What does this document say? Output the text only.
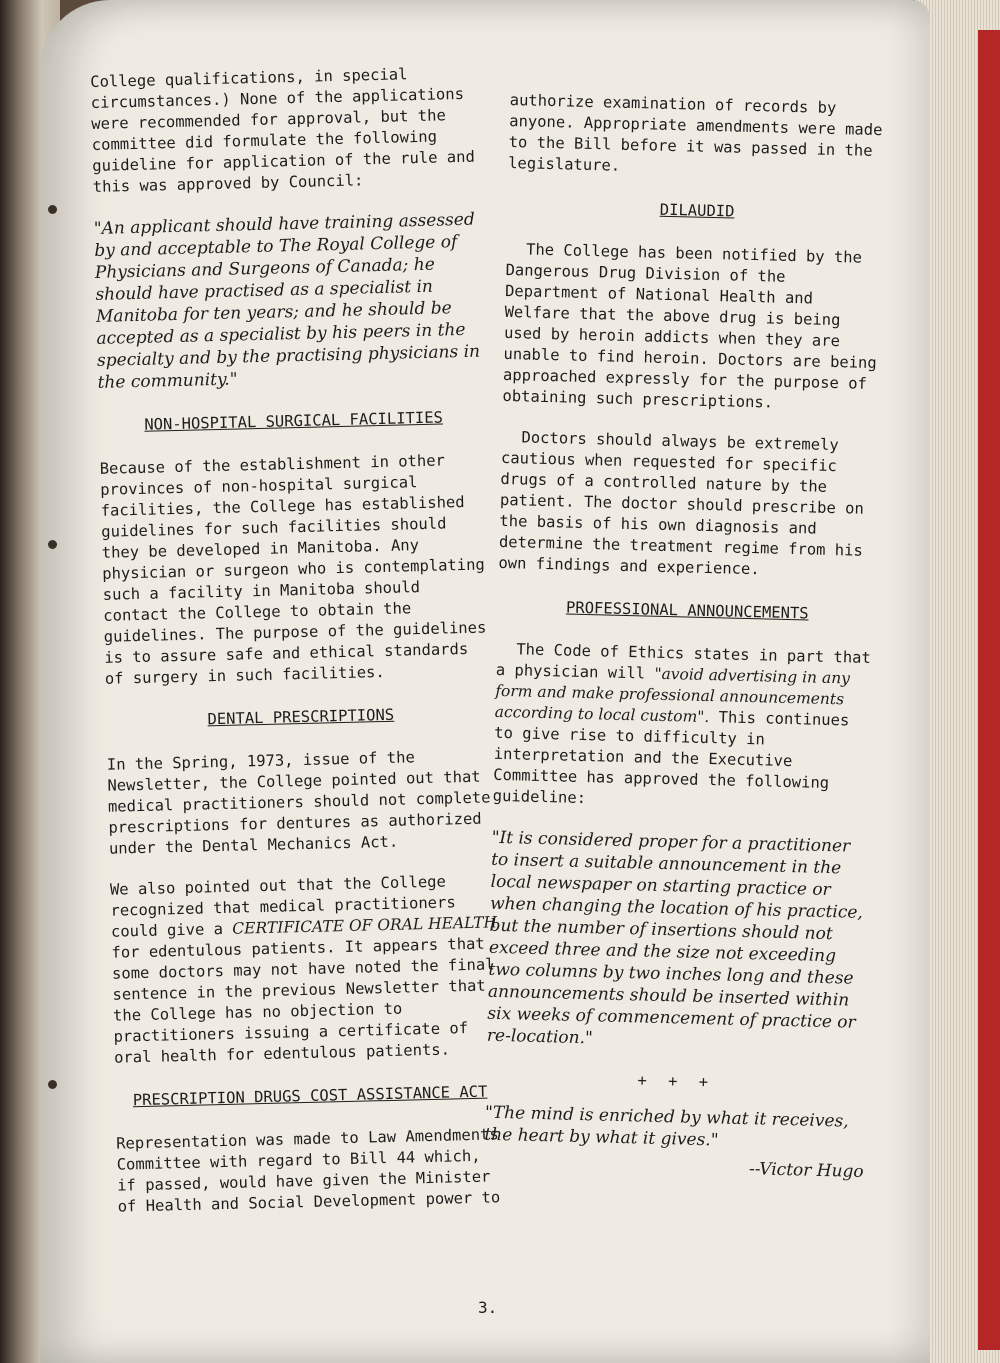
College qualifications, in special circumstances.) None of the applications were recommended for approval, but the committee did formulate the following guideline for application of the rule and this was approved by Council:

"An applicant should have training assessed by and acceptable to The Royal College of Physicians and Surgeons of Canada; he should have practised as a specialist in Manitoba for ten years; and he should be accepted as a specialist by his peers in the specialty and by the practising physicians in the community."

NON-HOSPITAL SURGICAL FACILITIES

Because of the establishment in other provinces of non-hospital surgical facilities, the College has established guidelines for such facilities should they be developed in Manitoba. Any physician or surgeon who is contemplating such a facility in Manitoba should contact the College to obtain the guidelines. The purpose of the guidelines is to assure safe and ethical standards of surgery in such facilities.

DENTAL PRESCRIPTIONS

In the Spring, 1973, issue of the Newsletter, the College pointed out that medical practitioners should not complete prescriptions for dentures as authorized under the Dental Mechanics Act.

We also pointed out that the College recognized that medical practitioners could give a CERTIFICATE OF ORAL HEALTH for edentulous patients. It appears that some doctors may not have noted the final sentence in the previous Newsletter that the College has no objection to practitioners issuing a certificate of oral health for edentulous patients.

PRESCRIPTION DRUGS COST ASSISTANCE ACT

Representation was made to Law Amendments Committee with regard to Bill 44 which, if passed, would have given the Minister of Health and Social Development power to

authorize examination of records by anyone. Appropriate amendments were made to the Bill before it was passed in the legislature.

DILAUDID

The College has been notified by the Dangerous Drug Division of the Department of National Health and Welfare that the above drug is being used by heroin addicts when they are unable to find heroin. Doctors are being approached expressly for the purpose of obtaining such prescriptions.

Doctors should always be extremely cautious when requested for specific drugs of a controlled nature by the patient. The doctor should prescribe on the basis of his own diagnosis and determine the treatment regime from his own findings and experience.

PROFESSIONAL ANNOUNCEMENTS

The Code of Ethics states in part that a physician will "avoid advertising in any form and make professional announcements according to local custom". This continues to give rise to difficulty in interpretation and the Executive Committee has approved the following guideline:

"It is considered proper for a practitioner to insert a suitable announcement in the local newspaper on starting practice or when changing the location of his practice, but the number of insertions should not exceed three and the size not exceeding two columns by two inches long and these announcements should be inserted within six weeks of commencement of practice or re-location."

+ + +

"The mind is enriched by what it receives, the heart by what it gives."

--Victor Hugo
3.
